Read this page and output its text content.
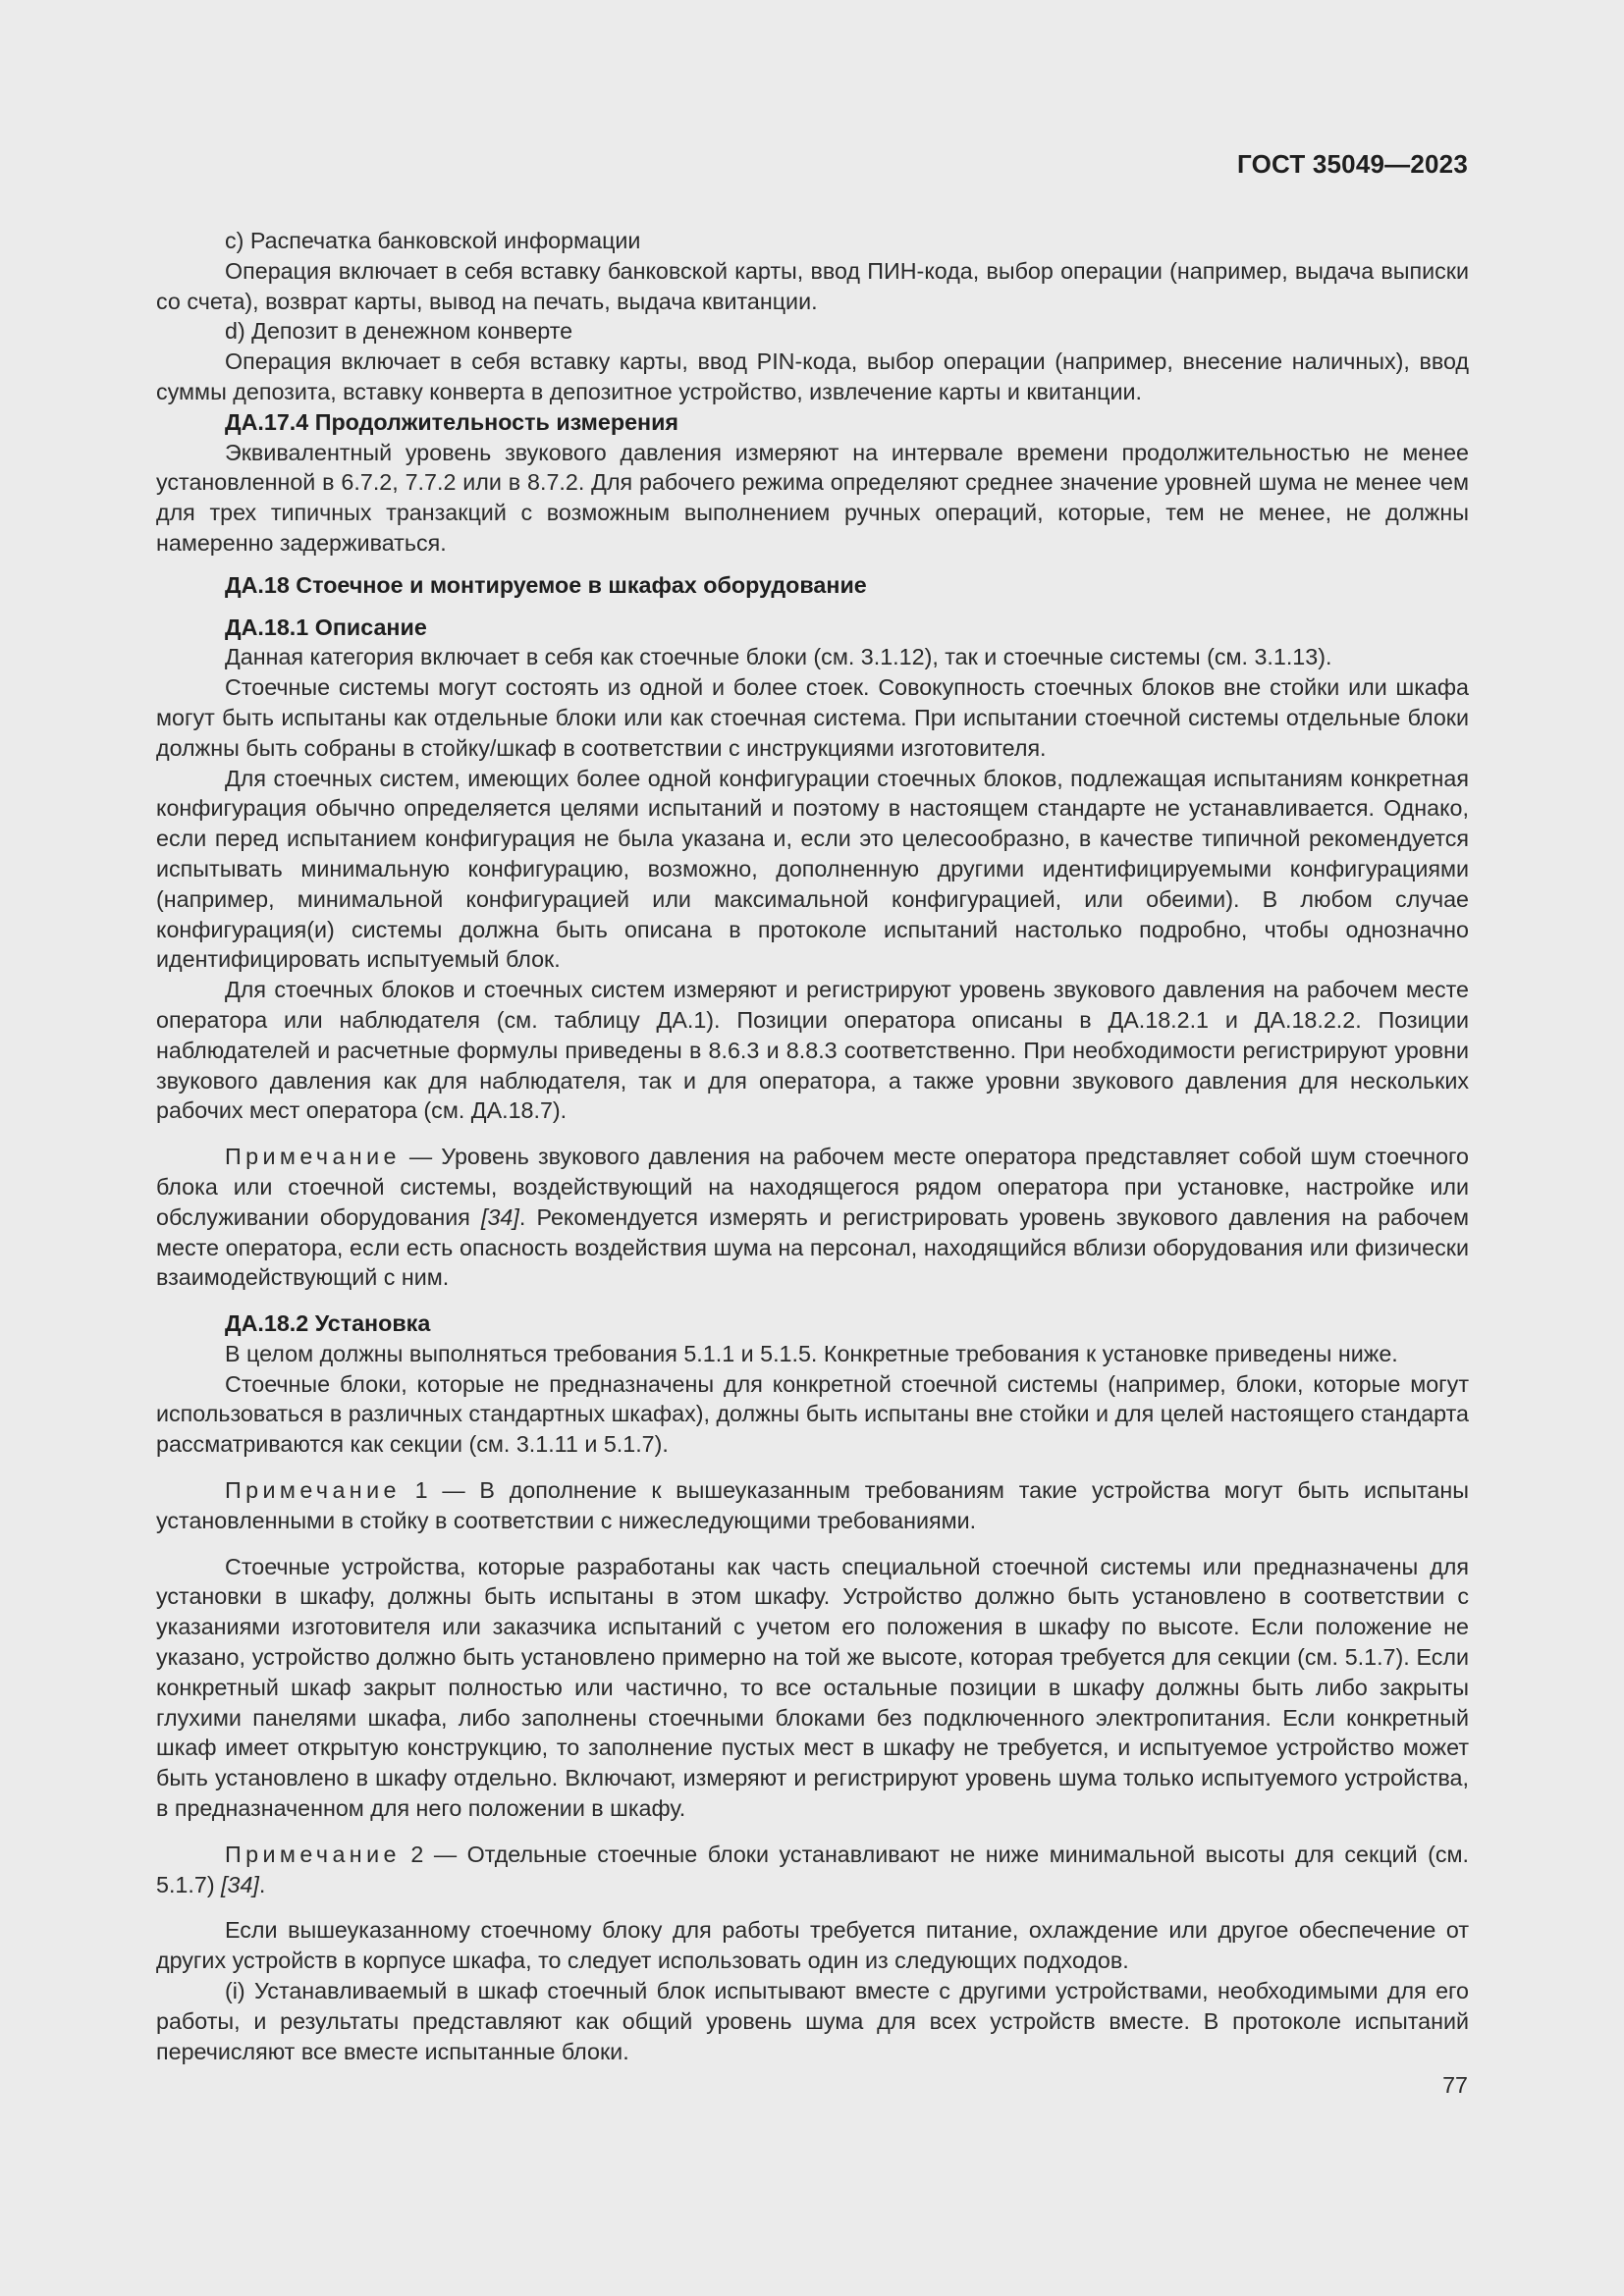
ГОСТ 35049—2023

с) Распечатка банковской информации

Операция включает в себя вставку банковской карты, ввод ПИН-кода, выбор операции (например, выдача выписки со счета), возврат карты, вывод на печать, выдача квитанции.

d) Депозит в денежном конверте

Операция включает в себя вставку карты, ввод PIN-кода, выбор операции (например, внесение наличных), ввод суммы депозита, вставку конверта в депозитное устройство, извлечение карты и квитанции.

ДА.17.4 Продолжительность измерения

Эквивалентный уровень звукового давления измеряют на интервале времени продолжительностью не менее установленной в 6.7.2, 7.7.2 или в 8.7.2. Для рабочего режима определяют среднее значение уровней шума не менее чем для трех типичных транзакций с возможным выполнением ручных операций, которые, тем не менее, не должны намеренно задерживаться.

ДА.18 Стоечное и монтируемое в шкафах оборудование
ДА.18.1 Описание

Данная категория включает в себя как стоечные блоки (см. 3.1.12), так и стоечные системы (см. 3.1.13).

Стоечные системы могут состоять из одной и более стоек. Совокупность стоечных блоков вне стойки или шкафа могут быть испытаны как отдельные блоки или как стоечная система. При испытании стоечной системы отдельные блоки должны быть собраны в стойку/шкаф в соответствии с инструкциями изготовителя.

Для стоечных систем, имеющих более одной конфигурации стоечных блоков, подлежащая испытаниям конкретная конфигурация обычно определяется целями испытаний и поэтому в настоящем стандарте не устанавливается. Однако, если перед испытанием конфигурация не была указана и, если это целесообразно, в качестве типичной рекомендуется испытывать минимальную конфигурацию, возможно, дополненную другими идентифицируемыми конфигурациями (например, минимальной конфигурацией или максимальной конфигурацией, или обеими). В любом случае конфигурация(и) системы должна быть описана в протоколе испытаний настолько подробно, чтобы однозначно идентифицировать испытуемый блок.

Для стоечных блоков и стоечных систем измеряют и регистрируют уровень звукового давления на рабочем месте оператора или наблюдателя (см. таблицу ДА.1). Позиции оператора описаны в ДА.18.2.1 и ДА.18.2.2. Позиции наблюдателей и расчетные формулы приведены в 8.6.3 и 8.8.3 соответственно. При необходимости регистрируют уровни звукового давления как для наблюдателя, так и для оператора, а также уровни звукового давления для нескольких рабочих мест оператора (см. ДА.18.7).

Примечание — Уровень звукового давления на рабочем месте оператора представляет собой шум стоечного блока или стоечной системы, воздействующий на находящегося рядом оператора при установке, настройке или обслуживании оборудования [34]. Рекомендуется измерять и регистрировать уровень звукового давления на рабочем месте оператора, если есть опасность воздействия шума на персонал, находящийся вблизи оборудования или физически взаимодействующий с ним.

ДА.18.2 Установка

В целом должны выполняться требования 5.1.1 и 5.1.5. Конкретные требования к установке приведены ниже.

Стоечные блоки, которые не предназначены для конкретной стоечной системы (например, блоки, которые могут использоваться в различных стандартных шкафах), должны быть испытаны вне стойки и для целей настоящего стандарта рассматриваются как секции (см. 3.1.11 и 5.1.7).

Примечание 1 — В дополнение к вышеуказанным требованиям такие устройства могут быть испытаны установленными в стойку в соответствии с нижеследующими требованиями.

Стоечные устройства, которые разработаны как часть специальной стоечной системы или предназначены для установки в шкафу, должны быть испытаны в этом шкафу. Устройство должно быть установлено в соответствии с указаниями изготовителя или заказчика испытаний с учетом его положения в шкафу по высоте. Если положение не указано, устройство должно быть установлено примерно на той же высоте, которая требуется для секции (см. 5.1.7). Если конкретный шкаф закрыт полностью или частично, то все остальные позиции в шкафу должны быть либо закрыты глухими панелями шкафа, либо заполнены стоечными блоками без подключенного электропитания. Если конкретный шкаф имеет открытую конструкцию, то заполнение пустых мест в шкафу не требуется, и испытуемое устройство может быть установлено в шкафу отдельно. Включают, измеряют и регистрируют уровень шума только испытуемого устройства, в предназначенном для него положении в шкафу.

Примечание 2 — Отдельные стоечные блоки устанавливают не ниже минимальной высоты для секций (см. 5.1.7) [34].

Если вышеуказанному стоечному блоку для работы требуется питание, охлаждение или другое обеспечение от других устройств в корпусе шкафа, то следует использовать один из следующих подходов.

(i) Устанавливаемый в шкаф стоечный блок испытывают вместе с другими устройствами, необходимыми для его работы, и результаты представляют как общий уровень шума для всех устройств вместе. В протоколе испытаний перечисляют все вместе испытанные блоки.

77
